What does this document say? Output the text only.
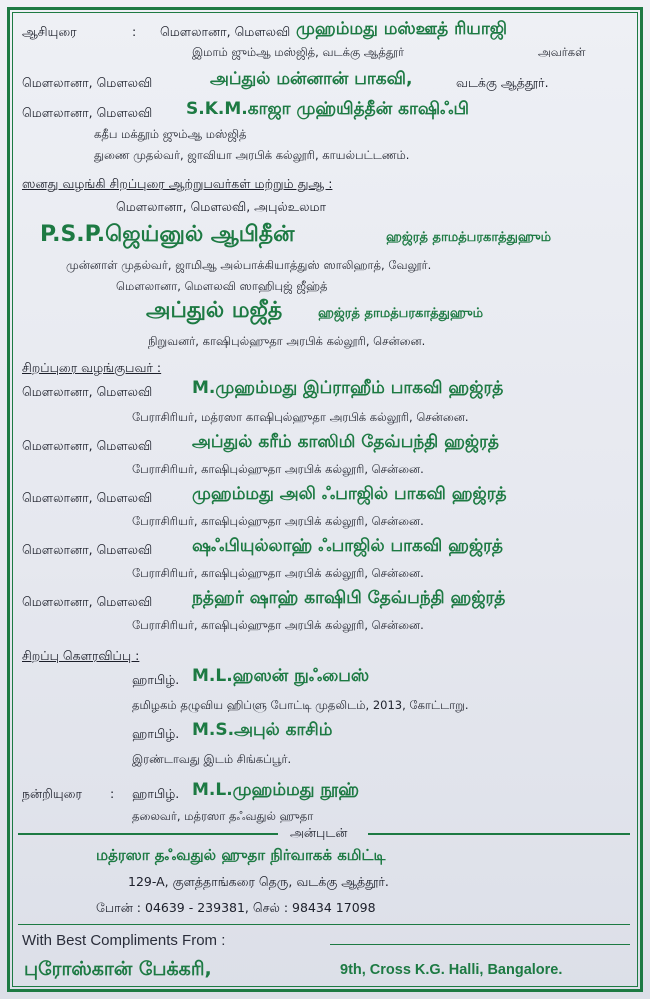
ஆசியுரை	: மௌலானா, மௌலவி முஹம்மது மஸ்ஊத் ரியாஜி
இமாம் ஜும்ஆ மஸ்ஜித், வடக்கு ஆத்தூர்	அவர்கள்
மௌலானா, மௌலவி	அப்துல் மன்னான் பாகவி,	வடக்கு ஆத்தூர்.
மௌலானா, மௌலவி S.K.M.காஜா முஹ்யித்தீன் காஷிஃபி
கதீப மக்தூம் ஜும்ஆ மஸ்ஜித்
துணை முதல்வர், ஜாவியா அரபிக் கல்லூரி, காயல்பட்டணம்.
ஸனது வழங்கி சிறப்புரை ஆற்றுபவர்கள் மற்றும் துஆ :
மௌலானா, மௌலவி, அபுல்உலமா
P.S.P.ஜெய்னுல் ஆபிதீன்	ஹஜ்ரத் தாமத்பரகாத்துஹும்
முன்னாள் முதல்வர், ஜாமிஆ அல்பாக்கியாத்துஸ் ஸாலிஹாத், வேலூர்.
மௌலானா, மௌலவி ஸாஹிபுஜ் ஜீஹ்த்
அப்துல் மஜீத்	ஹஜ்ரத் தாமத்பரகாத்துஹும்
நிறுவனர், காஷிபுல்ஹுதா அரபிக் கல்லூரி, சென்னை.
சிறப்புரை வழங்குபவர் :
மௌலானா, மௌலவி M.முஹம்மது இப்ராஹீம் பாகவி ஹஜ்ரத்
பேராசிரியர், மத்ரஸா காஷிபுல்ஹுதா அரபிக் கல்லூரி, சென்னை.
மௌலானா, மௌலவி அப்துல் கரீம் காஸிமி தேவ்பந்தி ஹஜ்ரத்
பேராசிரியர், காஷிபுல்ஹுதா அரபிக் கல்லூரி, சென்னை.
மௌலானா, மௌலவி முஹம்மது அலி ஃபாஜில் பாகவி ஹஜ்ரத்
பேராசிரியர், காஷிபுல்ஹுதா அரபிக் கல்லூரி, சென்னை.
மௌலானா, மௌலவி ஷஃபியுல்லாஹ் ஃபாஜில் பாகவி ஹஜ்ரத்
பேராசிரியர், காஷிபுல்ஹுதா அரபிக் கல்லூரி, சென்னை.
மௌலானா, மௌலவி நத்ஹர் ஷாஹ் காஷிபி தேவ்பந்தி ஹஜ்ரத்
பேராசிரியர், காஷிபுல்ஹுதா அரபிக் கல்லூரி, சென்னை.
சிறப்பு கௌரவிப்பு :
ஹாபிழ். M.L.ஹஸன் நுஃபைஸ்
தமிழகம் தழுவிய ஹிப்ளு போட்டி முதலிடம், 2013, கோட்டாறு.
ஹாபிழ். M.S.அபுல் காசிம்
இரண்டாவது இடம் சிங்கப்பூர்.
நன்றியுரை : ஹாபிழ். M.L.முஹம்மது நூஹ்
தலைவர், மத்ரஸா தஃவதுல் ஹுதா
அன்புடன்
மத்ரஸா தஃவதுல் ஹுதா நிர்வாகக் கமிட்டி
129-A, குளத்தாங்கரை தெரு, வடக்கு ஆத்தூர்.
போன் : 04639 - 239381, செல் : 98434 17098
With Best Compliments From :
புரோஸ்கான் பேக்கரி,	9th, Cross K.G. Halli, Bangalore.
